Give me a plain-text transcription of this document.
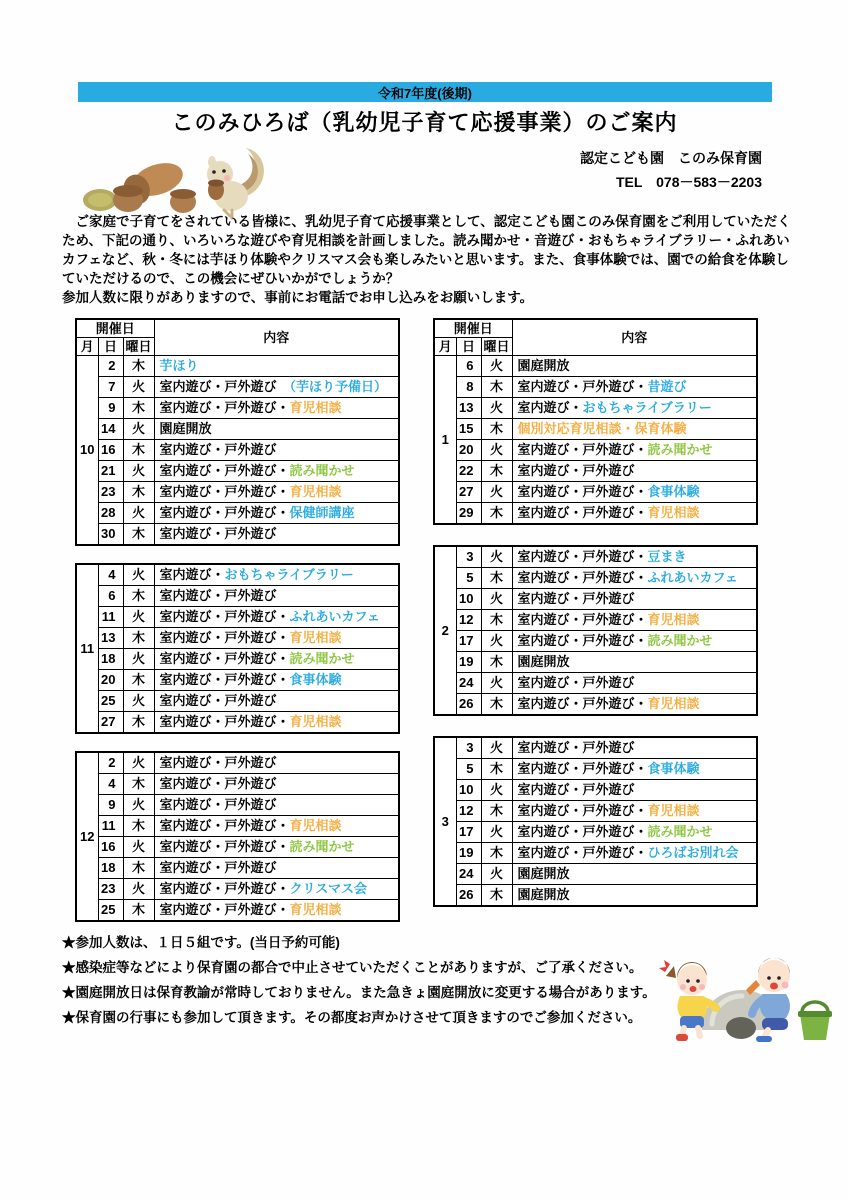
令和7年度(後期)
このみひろば（乳幼児子育て応援事業）のご案内
認定こども園　このみ保育園
TEL　078－583－2203
　ご家庭で子育てをされている皆様に、乳幼児子育て応援事業として、認定こども園このみ保育園をご利用していただくため、下記の通り、いろいろな遊びや育児相談を計画しました。読み聞かせ・音遊び・おもちゃライブラリー・ふれあいカフェなど、秋・冬には芋ほり体験やクリスマス会も楽しみたいと思います。また、食事体験では、園での給食を体験していただけるので、この機会にぜひいかがでしょうか？
参加人数に限りがありますので、事前にお電話でお申し込みをお願いします。
開催日			内容
月	日	曜日	
10	2	木	芋ほり
	7	火	室内遊び・戸外遊び　（芋ほり予備日）
	9	木	室内遊び・戸外遊び・育児相談
	14	火	園庭開放
	16	木	室内遊び・戸外遊び
	21	火	室内遊び・戸外遊び・読み聞かせ
	23	木	室内遊び・戸外遊び・育児相談
	28	火	室内遊び・戸外遊び・保健師講座
	30	木	室内遊び・戸外遊び
11	4	火	室内遊び・おもちゃライブラリー
	6	木	室内遊び・戸外遊び
	11	火	室内遊び・戸外遊び・ふれあいカフェ
	13	木	室内遊び・戸外遊び・育児相談
	18	火	室内遊び・戸外遊び・読み聞かせ
	20	木	室内遊び・戸外遊び・食事体験
	25	火	室内遊び・戸外遊び
	27	木	室内遊び・戸外遊び・育児相談
12	2	火	室内遊び・戸外遊び
	4	木	室内遊び・戸外遊び
	9	火	室内遊び・戸外遊び
	11	木	室内遊び・戸外遊び・育児相談
	16	火	室内遊び・戸外遊び・読み聞かせ
	18	木	室内遊び・戸外遊び
	23	火	室内遊び・戸外遊び・クリスマス会
	25	木	室内遊び・戸外遊び・育児相談
開催日			内容
月	日	曜日	
1	6	火	園庭開放
	8	木	室内遊び・戸外遊び・昔遊び
	13	火	室内遊び・おもちゃライブラリー
	15	木	個別対応育児相談・保育体験
	20	火	室内遊び・戸外遊び・読み聞かせ
	22	木	室内遊び・戸外遊び
	27	火	室内遊び・戸外遊び・食事体験
	29	木	室内遊び・戸外遊び・育児相談
2	3	火	室内遊び・戸外遊び・豆まき
	5	木	室内遊び・戸外遊び・ふれあいカフェ
	10	火	室内遊び・戸外遊び
	12	木	室内遊び・戸外遊び・育児相談
	17	火	室内遊び・戸外遊び・読み聞かせ
	19	木	園庭開放
	24	火	室内遊び・戸外遊び
	26	木	室内遊び・戸外遊び・育児相談
3	3	火	室内遊び・戸外遊び
	5	木	室内遊び・戸外遊び・食事体験
	10	火	室内遊び・戸外遊び
	12	木	室内遊び・戸外遊び・育児相談
	17	火	室内遊び・戸外遊び・読み聞かせ
	19	木	室内遊び・戸外遊び・ひろばお別れ会
	24	火	園庭開放
	26	木	園庭開放
★参加人数は、１日５組です。(当日予約可能)
★感染症等などにより保育園の都合で中止させていただくことがありますが、ご了承ください。
★園庭開放日は保育教諭が常時しておりません。また急きょ園庭開放に変更する場合があります。
★保育園の行事にも参加して頂きます。その都度お声かけさせて頂きますのでご参加ください。
